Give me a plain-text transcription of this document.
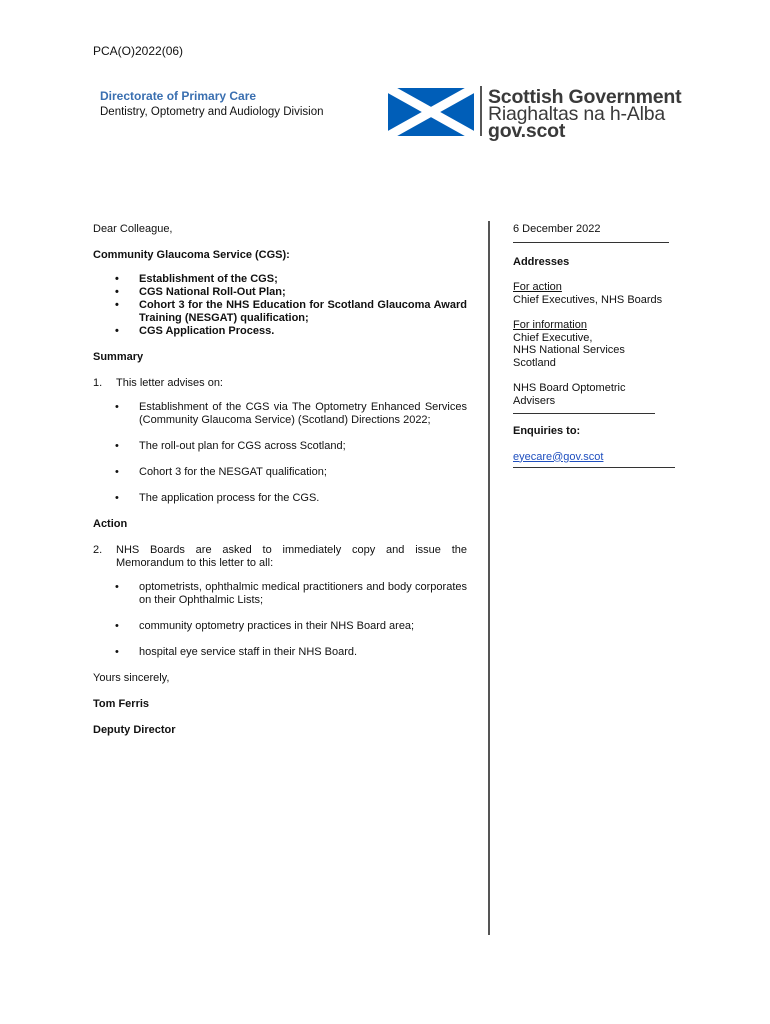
PCA(O)2022(06)
Directorate of Primary Care
Dentistry, Optometry and Audiology Division
Scottish Government
Riaghaltas na h-Alba
gov.scot

Dear Colleague,

Community Glaucoma Service (CGS):

• Establishment of the CGS;
• CGS National Roll-Out Plan;
• Cohort 3 for the NHS Education for Scotland Glaucoma Award Training (NESGAT) qualification;
• CGS Application Process.

Summary

1. This letter advises on:
• Establishment of the CGS via The Optometry Enhanced Services (Community Glaucoma Service) (Scotland) Directions 2022;
• The roll-out plan for CGS across Scotland;
• Cohort 3 for the NESGAT qualification;
• The application process for the CGS.

Action

2. NHS Boards are asked to immediately copy and issue the Memorandum to this letter to all:
• optometrists, ophthalmic medical practitioners and body corporates on their Ophthalmic Lists;
• community optometry practices in their NHS Board area;
• hospital eye service staff in their NHS Board.

Yours sincerely,

Tom Ferris

Deputy Director

6 December 2022

Addresses

For action

Chief Executives, NHS Boards

For information

Chief Executive,

NHS National Services

Scotland

NHS Board Optometric

Advisers

Enquiries to:

eyecare@gov.scot
